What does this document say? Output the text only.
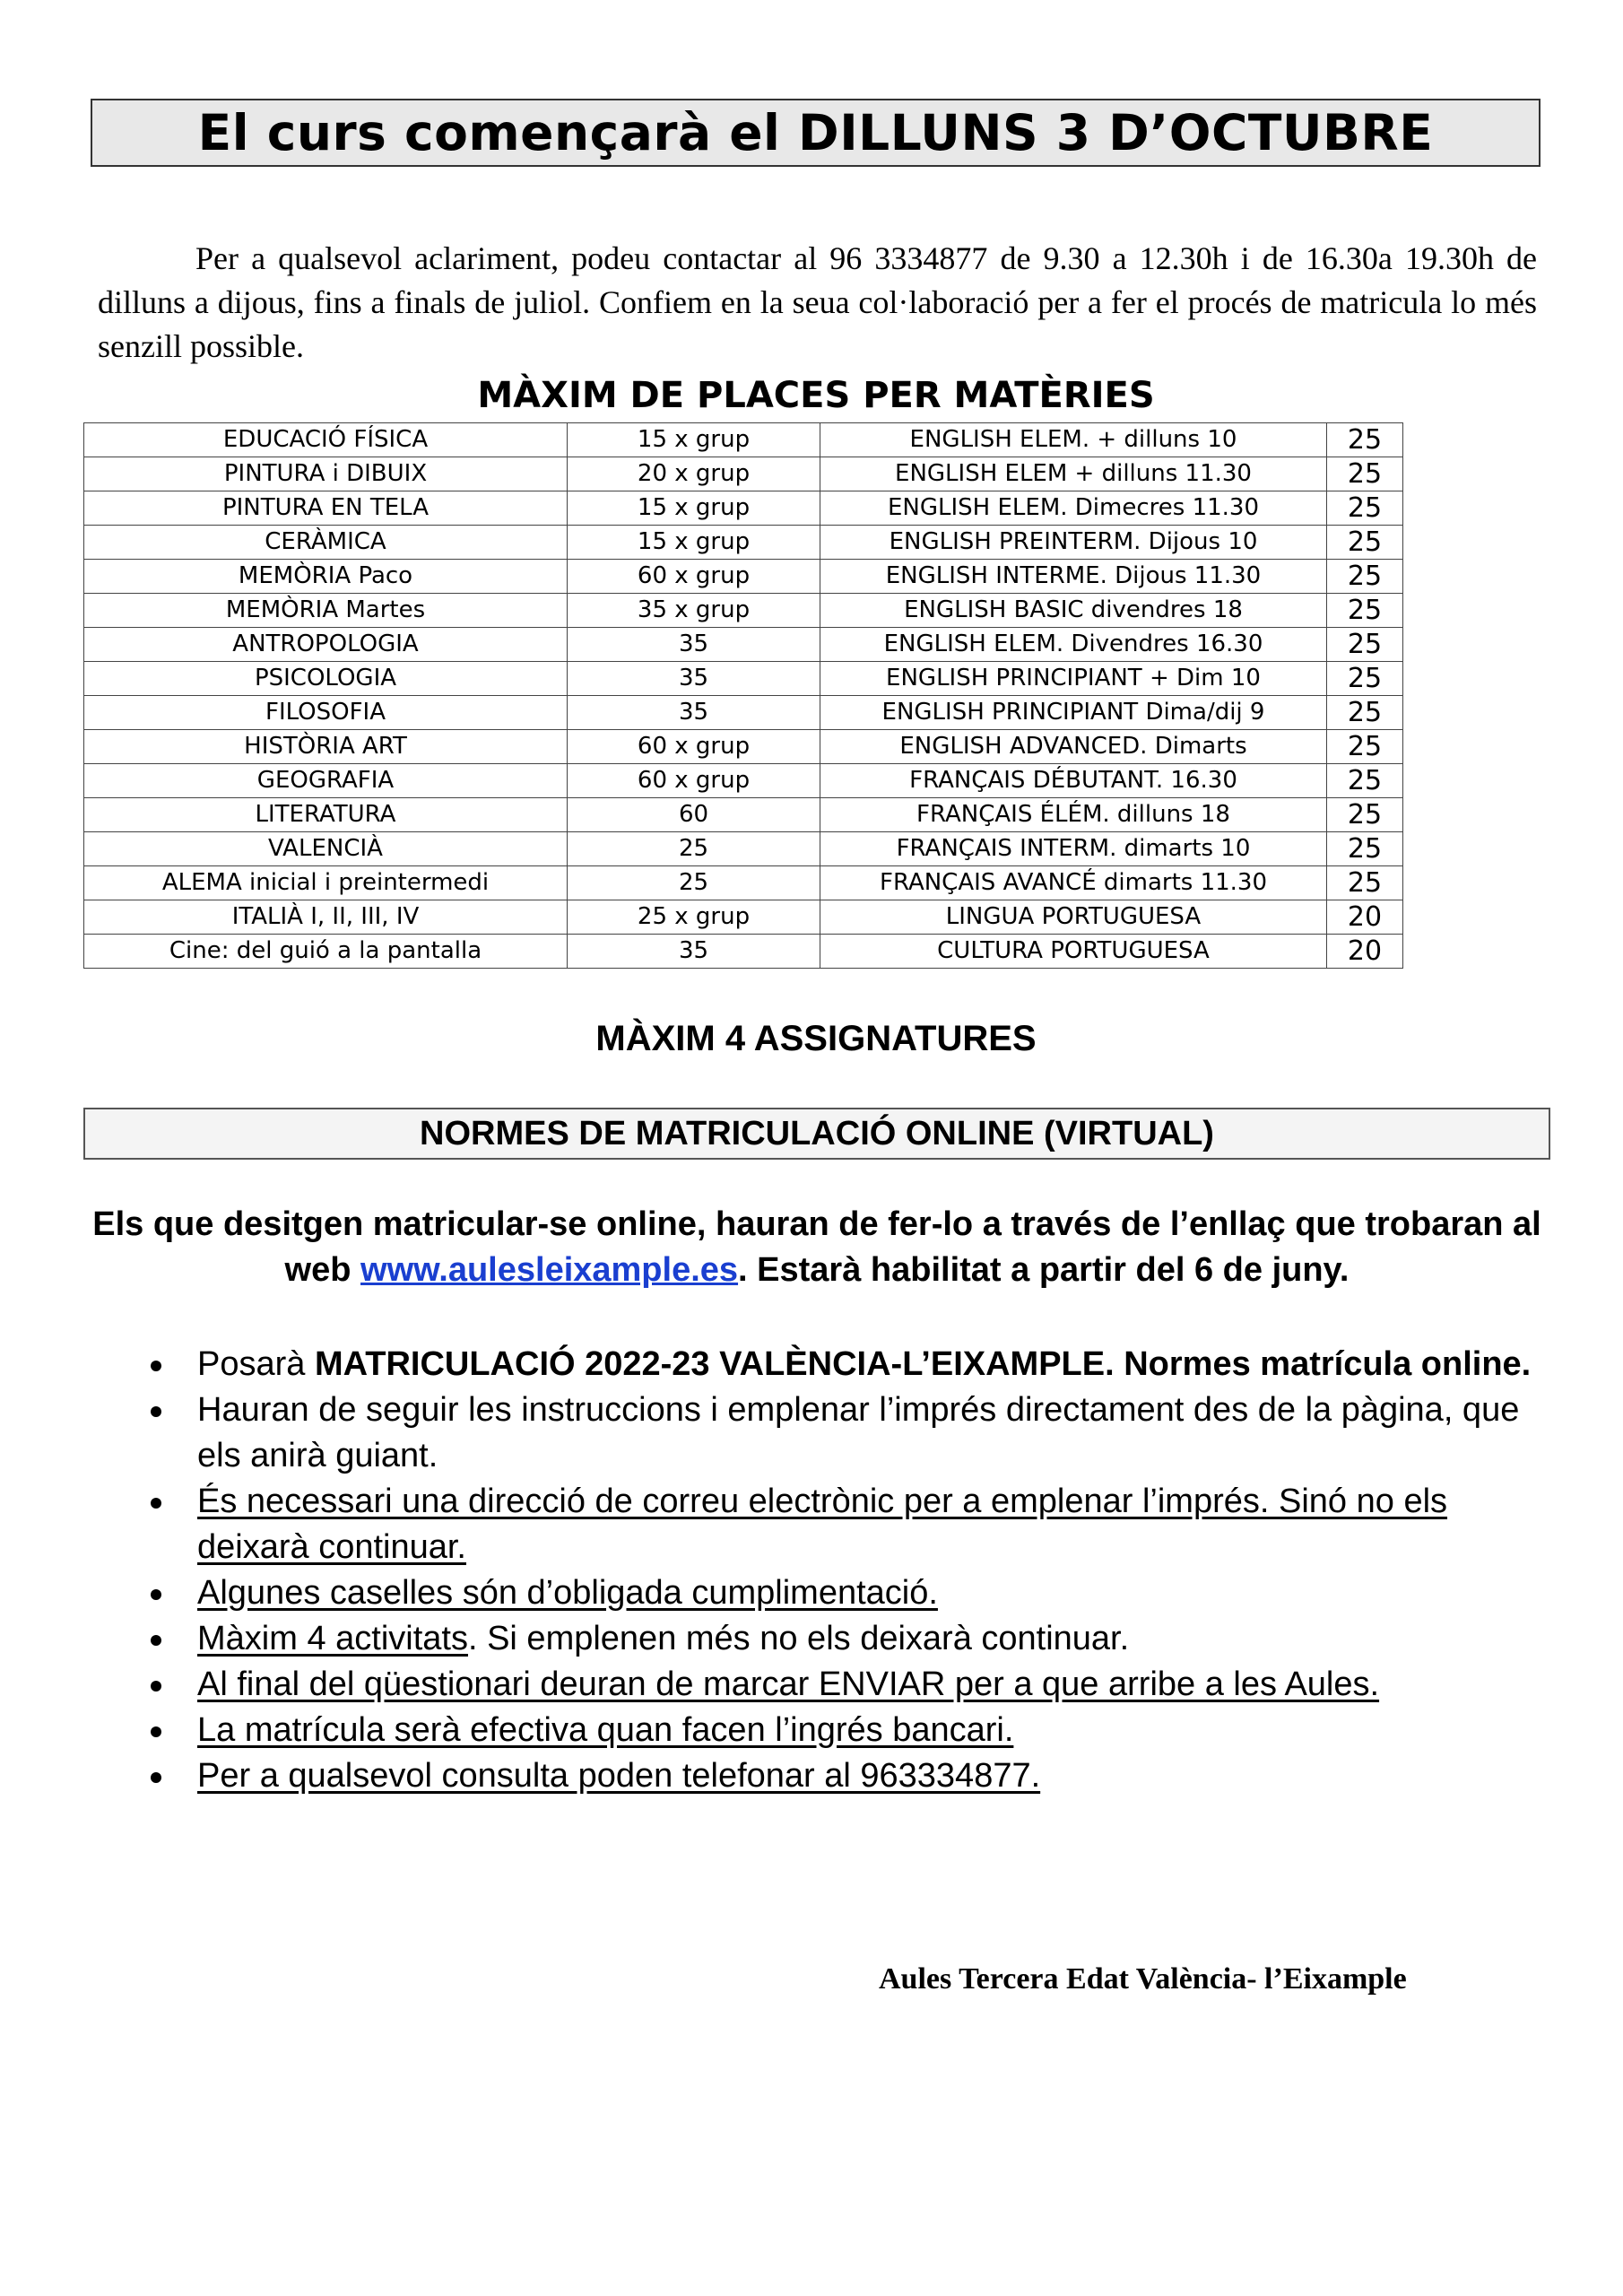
El curs començarà el DILLUNS 3 D’OCTUBRE

Per a qualsevol aclariment, podeu contactar al 96 3334877 de 9.30 a 12.30h i de 16.30a 19.30h de dilluns a dijous, fins a finals de juliol. Confiem en la seua col·laboració per a fer el procés de matricula lo més senzill possible.

MÀXIM DE PLACES PER MATÈRIES
EDUCACIÓ FÍSICA	15 x grup	ENGLISH ELEM. + dilluns 10	25
PINTURA i DIBUIX	20 x grup	ENGLISH ELEM + dilluns 11.30	25
PINTURA EN TELA	15 x grup	ENGLISH ELEM. Dimecres 11.30	25
CERÀMICA	15 x grup	ENGLISH PREINTERM. Dijous 10	25
MEMÒRIA Paco	60 x grup	ENGLISH INTERME. Dijous 11.30	25
MEMÒRIA Martes	35 x grup	ENGLISH BASIC divendres 18	25
ANTROPOLOGIA	35	ENGLISH ELEM. Divendres 16.30	25
PSICOLOGIA	35	ENGLISH PRINCIPIANT + Dim 10	25
FILOSOFIA	35	ENGLISH PRINCIPIANT Dima/dij 9	25
HISTÒRIA ART	60 x grup	ENGLISH ADVANCED. Dimarts	25
GEOGRAFIA	60 x grup	FRANÇAIS DÉBUTANT. 16.30	25
LITERATURA	60	FRANÇAIS ÉLÉM. dilluns 18	25
VALENCIÀ	25	FRANÇAIS INTERM. dimarts 10	25
ALEMA inicial i preintermedi	25	FRANÇAIS AVANCÉ dimarts 11.30	25
ITALIÀ I, II, III, IV	25 x grup	LINGUA PORTUGUESA	20
Cine: del guió a la pantalla	35	CULTURA PORTUGUESA	20
MÀXIM 4 ASSIGNATURES
NORMES DE MATRICULACIÓ ONLINE (VIRTUAL)
Els que desitgen matricular-se online, hauran de fer-lo a través de l’enllaç que trobaran al web www.aulesleixample.es. Estarà habilitat a partir del 6 de juny.
Posarà MATRICULACIÓ 2022-23 VALÈNCIA-L’EIXAMPLE. Normes matrícula online.
Hauran de seguir les instruccions i emplenar l’imprés directament des de la pàgina, que els anirà guiant.
És necessari una direcció de correu electrònic per a emplenar l’imprés. Sinó no els deixarà continuar.
Algunes caselles són d’obligada cumplimentació.
Màxim 4 activitats. Si emplenen més no els deixarà continuar.
Al final del qüestionari deuran de marcar ENVIAR per a que arribe a les Aules.
La matrícula serà efectiva quan facen l’ingrés bancari.
Per a qualsevol consulta poden telefonar al 963334877.
Aules Tercera Edat València- l’Eixample
